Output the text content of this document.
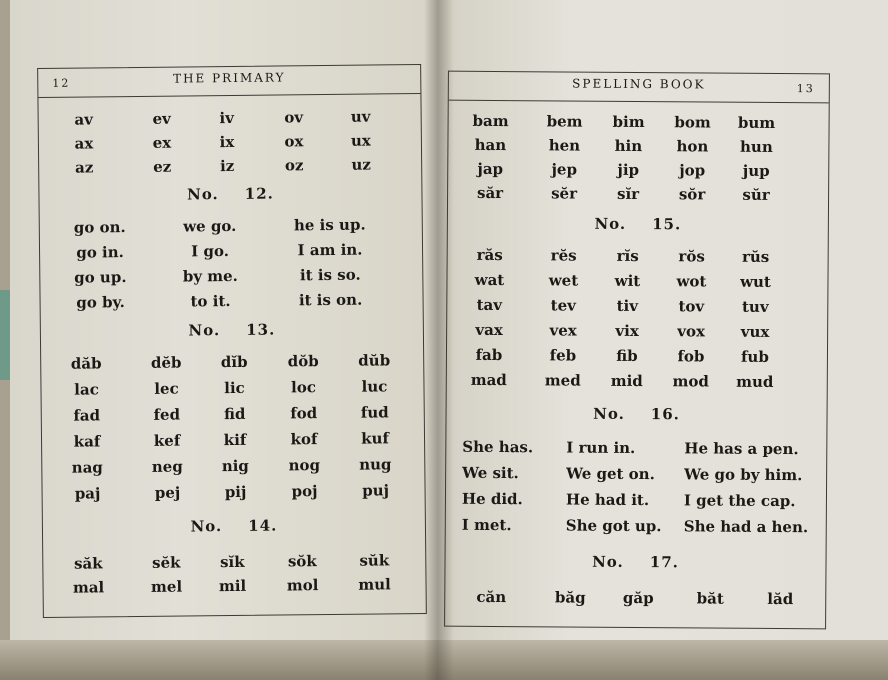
12	THE PRIMARY
av	ev	iv	ov	uv
ax	ex	ix	ox	ux
az	ez	iz	oz	uz
No. 12.
go on.	we go.	he is up.
go in.	I go.	I am in.
go up.	by me.	it is so.
go by.	to it.	it is on.
No. 13.
dăb	dĕb	dĭb	dŏb	dŭb
lac	lec	lic	loc	luc
fad	fed	fid	fod	fud
kaf	kef	kif	kof	kuf
nag	neg	nig	nog	nug
paj	pej	pij	poj	puj
No. 14.
săk	sĕk	sĭk	sŏk	sŭk
mal	mel	mil	mol	mul
SPELLING BOOK	13
bam	bem	bim	bom	bum
han	hen	hin	hon	hun
jap	jep	jip	jop	jup
săr	sĕr	sĭr	sŏr	sŭr
No. 15.
răs	rĕs	rĭs	rŏs	rŭs
wat	wet	wit	wot	wut
tav	tev	tiv	tov	tuv
vax	vex	vix	vox	vux
fab	feb	fib	fob	fub
mad	med	mid	mod	mud
No. 16.
She has.	I run in.	He has a pen.
We sit.	We get on.	We go by him.
He did.	He had it.	I get the cap.
I met.	She got up.	She had a hen.
No. 17.
căn	băg	găp	băt	lăd
